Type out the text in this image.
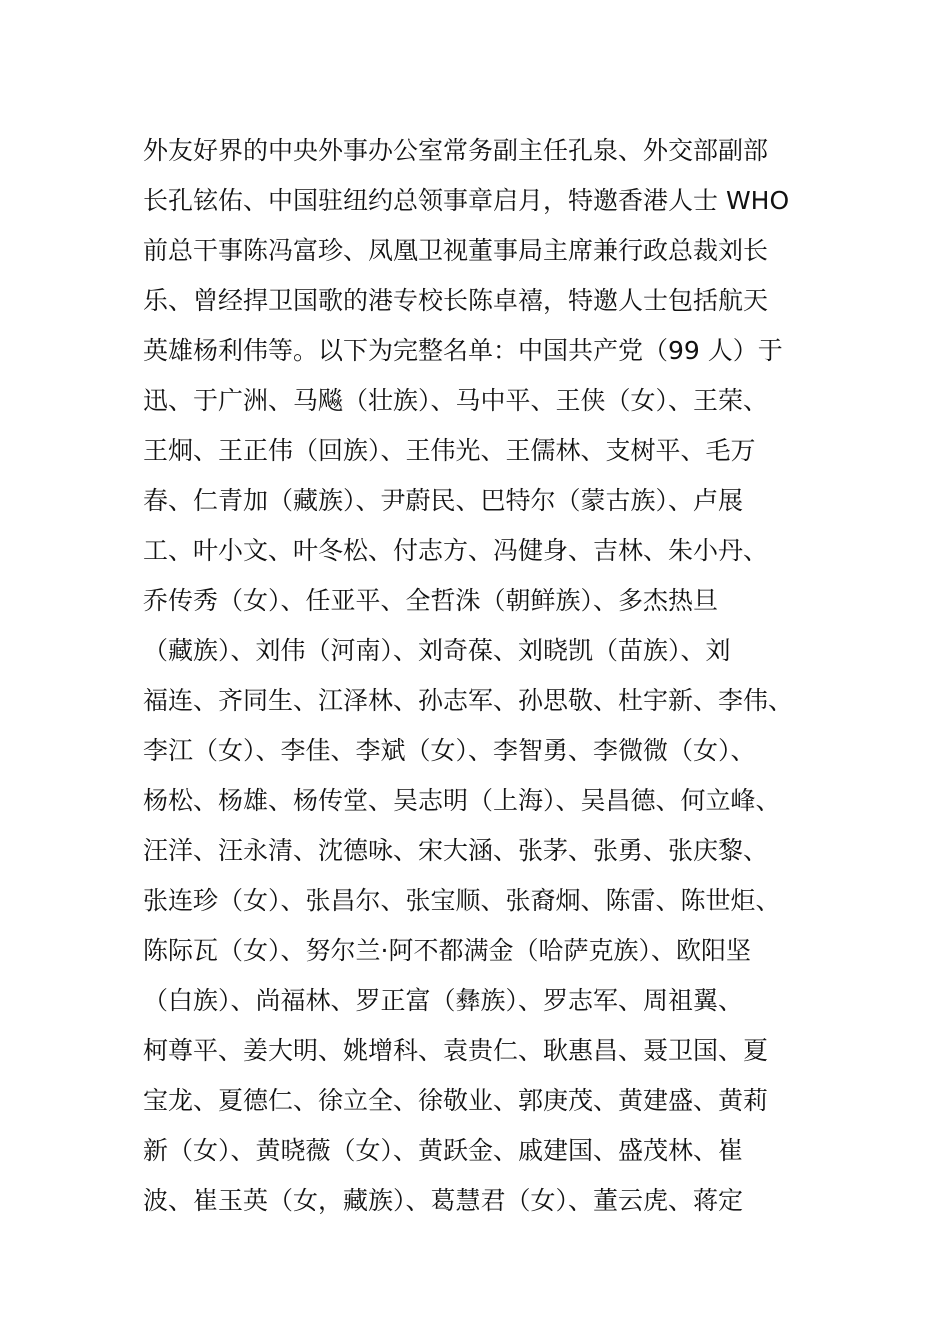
外友好界的中央外事办公室常务副主任孔泉、外交部副部
长孔铉佑、中国驻纽约总领事章启月，特邀香港人士 WHO
前总干事陈冯富珍、凤凰卫视董事局主席兼行政总裁刘长
乐、曾经捍卫国歌的港专校长陈卓禧，特邀人士包括航天
英雄杨利伟等。以下为完整名单：中国共产党（99 人）于
迅、于广洲、马飚（壮族）、马中平、王侠（女）、王荣、
王炯、王正伟（回族）、王伟光、王儒林、支树平、毛万
春、仁青加（藏族）、尹蔚民、巴特尔（蒙古族）、卢展
工、叶小文、叶冬松、付志方、冯健身、吉林、朱小丹、
乔传秀（女）、任亚平、全哲洙（朝鲜族）、多杰热旦
（藏族）、刘伟（河南）、刘奇葆、刘晓凯（苗族）、刘
福连、齐同生、江泽林、孙志军、孙思敬、杜宇新、李伟、
李江（女）、李佳、李斌（女）、李智勇、李微微（女）、
杨松、杨雄、杨传堂、吴志明（上海）、吴昌德、何立峰、
汪洋、汪永清、沈德咏、宋大涵、张茅、张勇、张庆黎、
张连珍（女）、张昌尔、张宝顺、张裔炯、陈雷、陈世炬、
陈际瓦（女）、努尔兰·阿不都满金（哈萨克族）、欧阳坚
（白族）、尚福林、罗正富（彝族）、罗志军、周祖翼、
柯尊平、姜大明、姚增科、袁贵仁、耿惠昌、聂卫国、夏
宝龙、夏德仁、徐立全、徐敬业、郭庚茂、黄建盛、黄莉
新（女）、黄晓薇（女）、黄跃金、戚建国、盛茂林、崔
波、崔玉英（女，藏族）、葛慧君（女）、董云虎、蒋定
